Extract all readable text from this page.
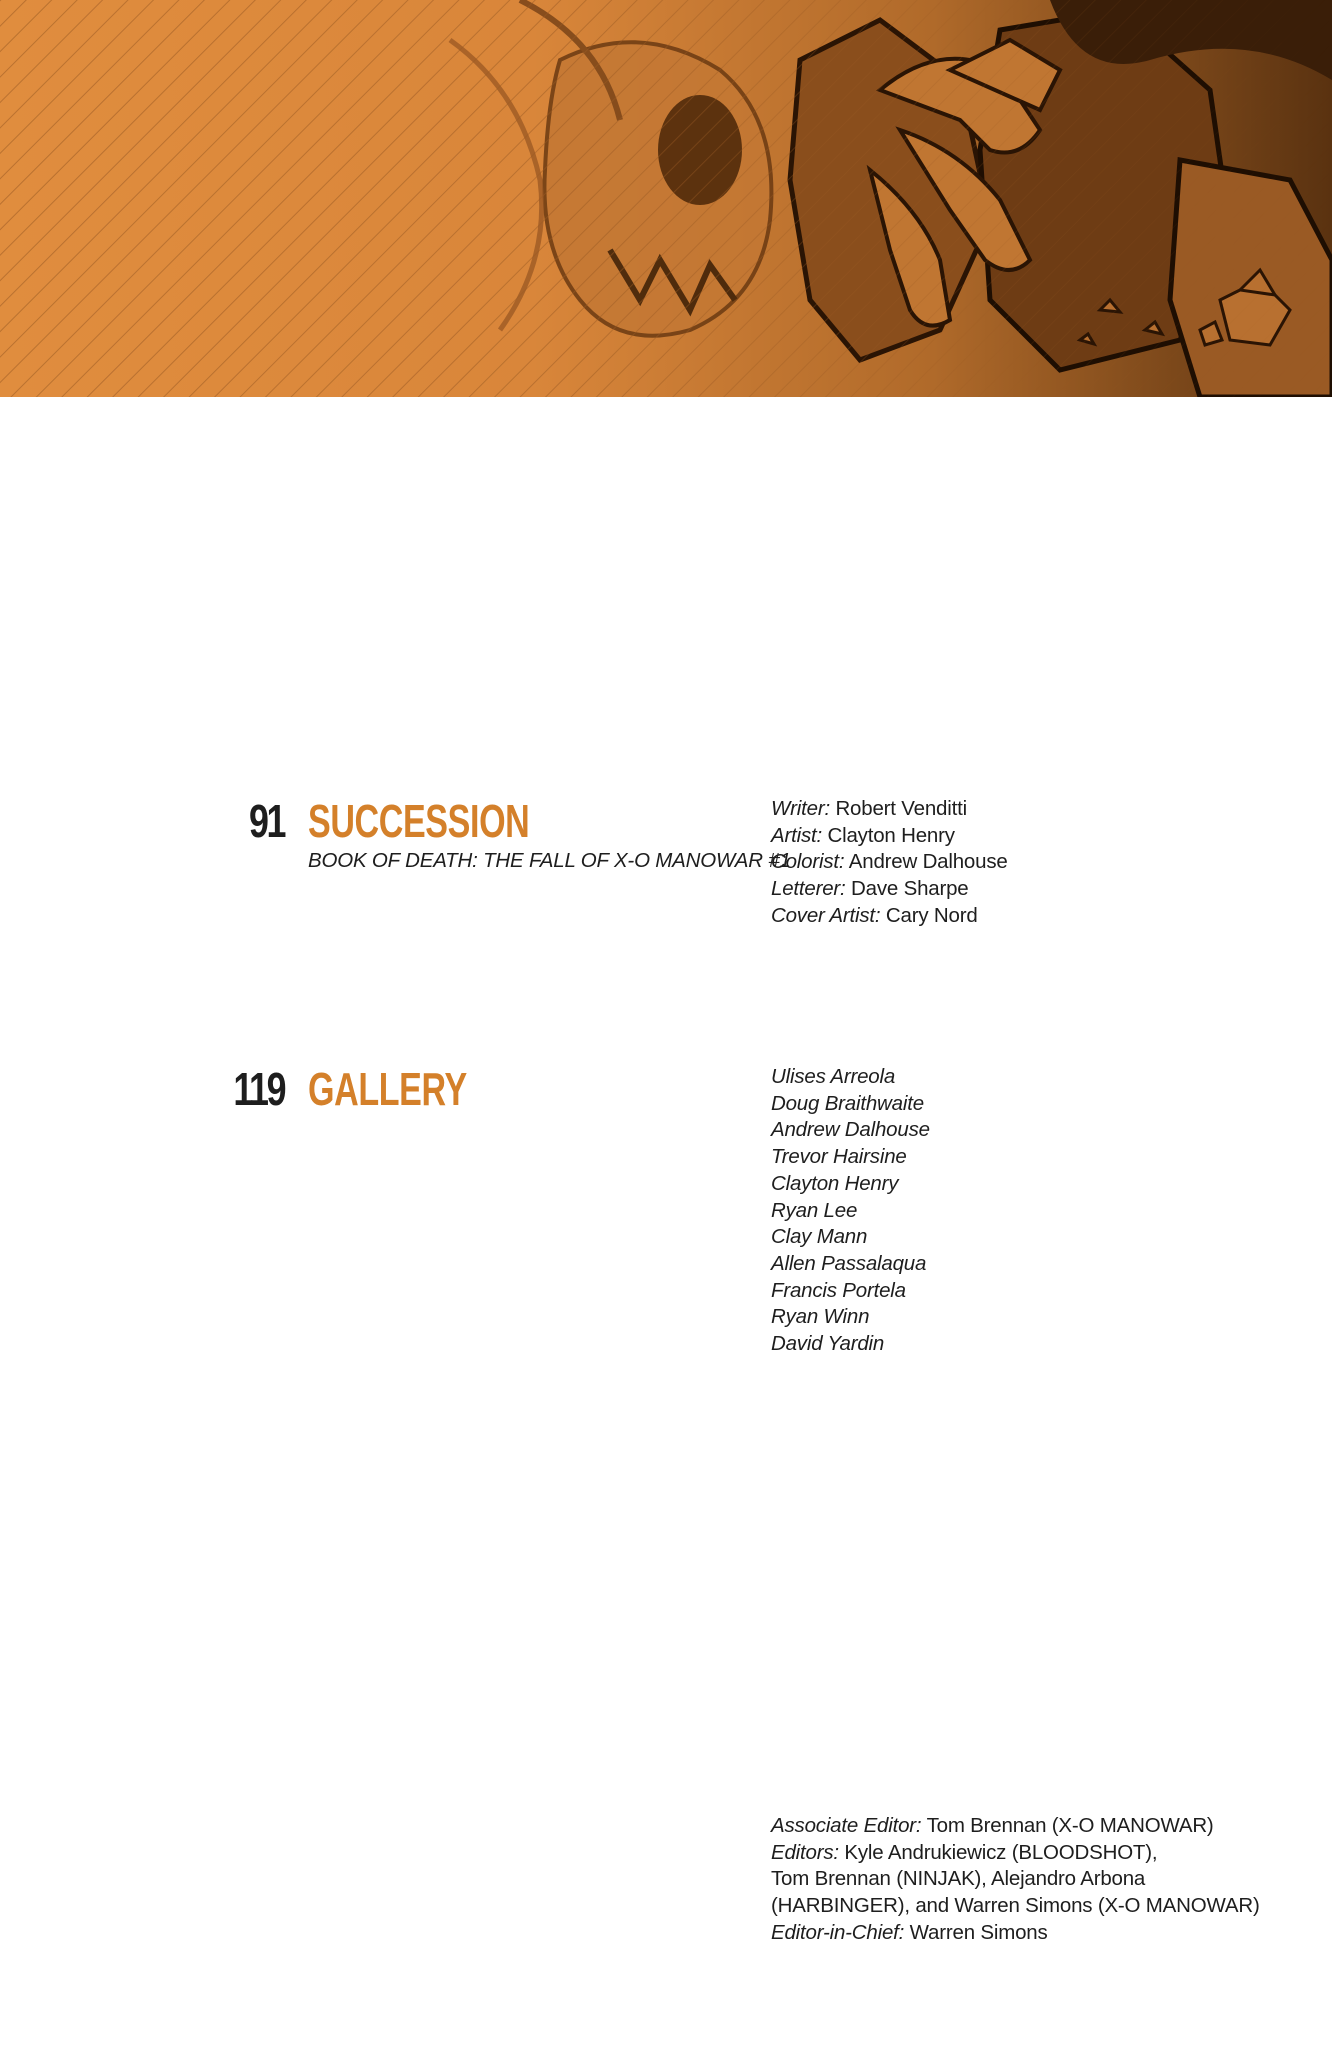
91 SUCCESSION
BOOK OF DEATH: THE FALL OF X-O MANOWAR #1
Writer: Robert Venditti
Artist: Clayton Henry
Colorist: Andrew Dalhouse
Letterer: Dave Sharpe
Cover Artist: Cary Nord
119 GALLERY	Ulises Arreola
Doug Braithwaite
Andrew Dalhouse
Trevor Hairsine
Clayton Henry
Ryan Lee
Clay Mann
Allen Passalaqua
Francis Portela
Ryan Winn
David Yardin
Associate Editor: Tom Brennan (X-O MANOWAR)
Editors: Kyle Andrukiewicz (BLOODSHOT),
Tom Brennan (NINJAK), Alejandro Arbona
(HARBINGER), and Warren Simons (X-O MANOWAR)
Editor-in-Chief: Warren Simons
